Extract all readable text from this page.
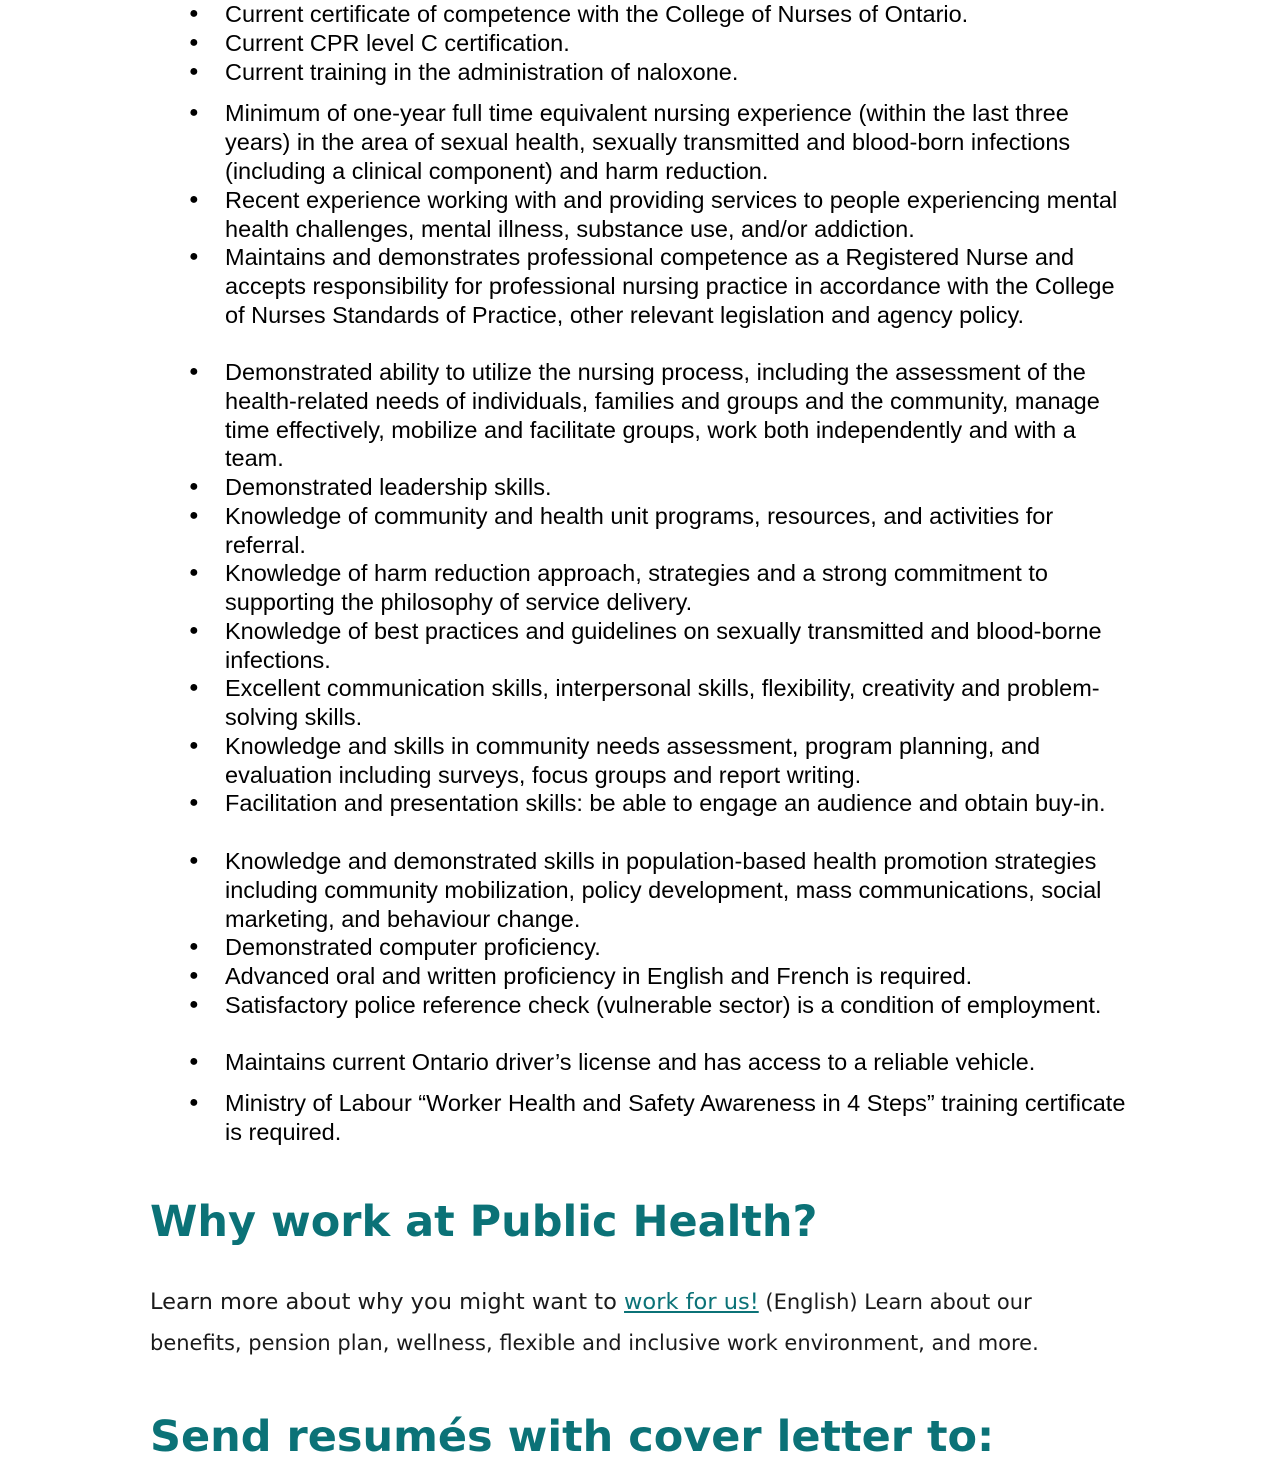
● Current certificate of competence with the College of Nurses of Ontario.
● Current CPR level C certification.
● Current training in the administration of naloxone.
● Minimum of one-year full time equivalent nursing experience (within the last three years) in the area of sexual health, sexually transmitted and blood-born infections (including a clinical component) and harm reduction.
● Recent experience working with and providing services to people experiencing mental health challenges, mental illness, substance use, and/or addiction.
● Maintains and demonstrates professional competence as a Registered Nurse and accepts responsibility for professional nursing practice in accordance with the College of Nurses Standards of Practice, other relevant legislation and agency policy.
● Demonstrated ability to utilize the nursing process, including the assessment of the health-related needs of individuals, families and groups and the community, manage time effectively, mobilize and facilitate groups, work both independently and with a team.
● Demonstrated leadership skills.
● Knowledge of community and health unit programs, resources, and activities for referral.
● Knowledge of harm reduction approach, strategies and a strong commitment to supporting the philosophy of service delivery.
● Knowledge of best practices and guidelines on sexually transmitted and blood-borne infections.
● Excellent communication skills, interpersonal skills, flexibility, creativity and problem-solving skills.
● Knowledge and skills in community needs assessment, program planning, and evaluation including surveys, focus groups and report writing.
● Facilitation and presentation skills: be able to engage an audience and obtain buy-in.
● Knowledge and demonstrated skills in population-based health promotion strategies including community mobilization, policy development, mass communications, social marketing, and behaviour change.
● Demonstrated computer proficiency.
● Advanced oral and written proficiency in English and French is required.
● Satisfactory police reference check (vulnerable sector) is a condition of employment.
● Maintains current Ontario driver’s license and has access to a reliable vehicle.
● Ministry of Labour “Worker Health and Safety Awareness in 4 Steps” training certificate is required.
Why work at Public Health?

Learn more about why you might want to work for us! (English) Learn about our benefits, pension plan, wellness, flexible and inclusive work environment, and more.

Send resumés with cover letter to:
